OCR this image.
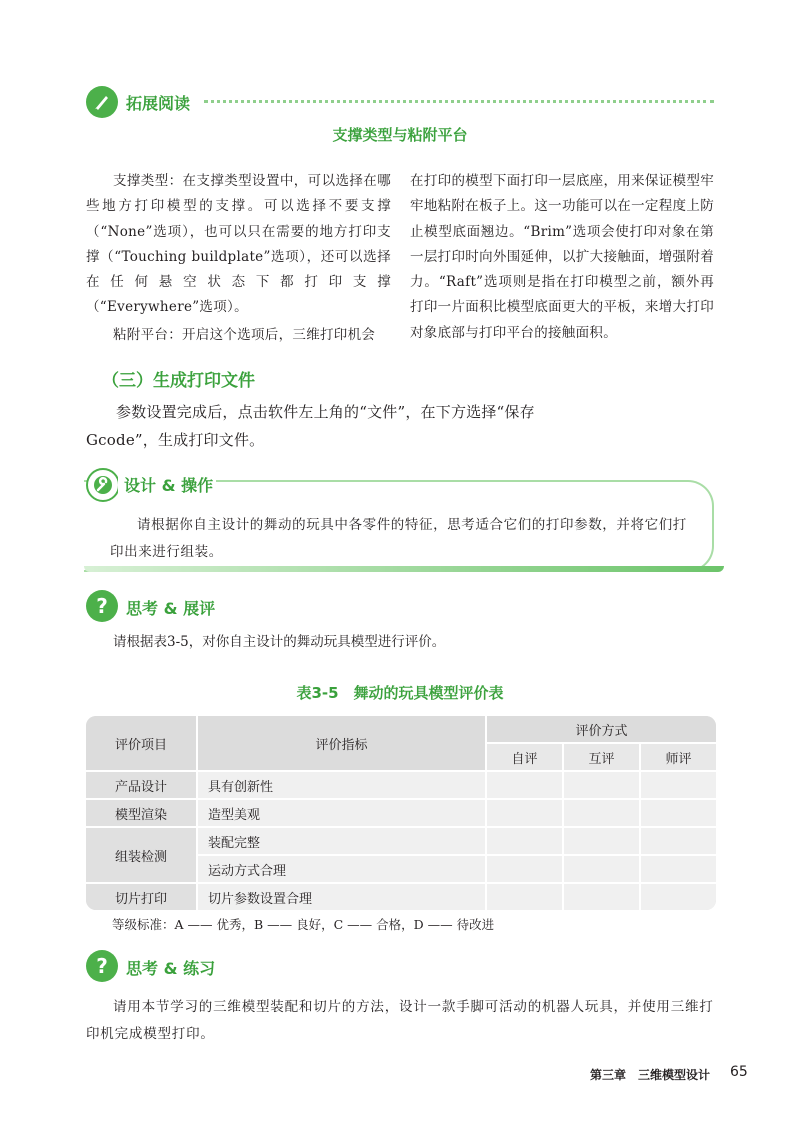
拓展阅读
支撑类型与粘附平台

支撑类型：在支撑类型设置中，可以选择在哪些地方打印模型的支撑。可以选择不要支撑（“None”选项），也可以只在需要的地方打印支撑（“Touching buildplate”选项），还可以选择在任何悬空状态下都打印支撑（“Everywhere”选项）。

粘附平台：开启这个选项后，三维打印机会

在打印的模型下面打印一层底座，用来保证模型牢牢地粘附在板子上。这一功能可以在一定程度上防止模型底面翘边。“Brim”选项会使打印对象在第一层打印时向外围延伸，以扩大接触面，增强附着力。“Raft”选项则是指在打印模型之前，额外再打印一片面积比模型底面更大的平板，来增大打印对象底部与打印平台的接触面积。

（三）生成打印文件
参数设置完成后，点击软件左上角的“文件”，在下方选择“保存Gcode”，生成打印文件。
设计 & 操作
请根据你自主设计的舞动的玩具中各零件的特征，思考适合它们的打印参数，并将它们打印出来进行组装。
?	思考 & 展评
请根据表3-5，对你自主设计的舞动玩具模型进行评价。
表3-5　舞动的玩具模型评价表
评价项目	评价指标	评价方式		
		自评	互评	师评
产品设计	具有创新性			
模型渲染	造型美观			
组装检测	装配完整			
	运动方式合理			
切片打印	切片参数设置合理			
等级标准：A —— 优秀，B —— 良好，C —— 合格，D —— 待改进
?	思考 & 练习
请用本节学习的三维模型装配和切片的方法，设计一款手脚可活动的机器人玩具，并使用三维打印机完成模型打印。
第三章　三维模型设计 65
